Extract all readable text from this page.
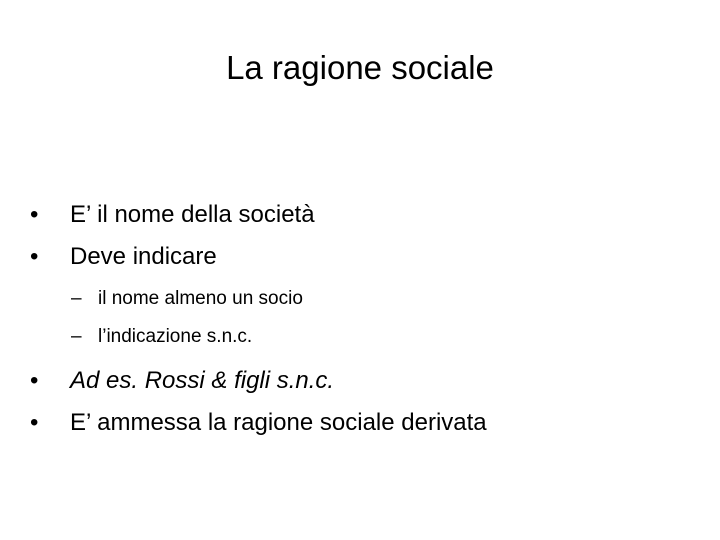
La ragione sociale
•	E’ il nome della società
•	Deve indicare
– il nome almeno un socio
– l’indicazione s.n.c.
•	Ad es. Rossi & figli s.n.c.
•	E’ ammessa la ragione sociale derivata
